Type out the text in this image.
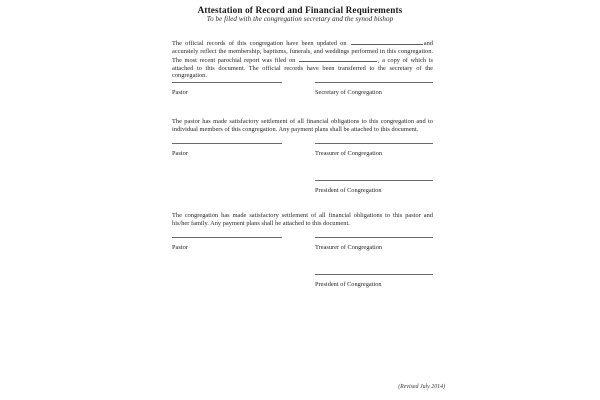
Attestation of Record and Financial Requirements
To be filed with the congregation secretary and the synod bishop

The official records of this congregation have been updated on	and accurately reflect the membership, baptisms, funerals, and weddings performed in this congregation. The most recent parochial report was filed on	, a copy of which is attached to this document. The official records have been transferred to the secretary of the congregation.

Pastor	Secretary of Congregation

The pastor has made satisfactory settlement of all financial obligations to this congregation and to individual members of this congregation. Any payment plans shall be attached to this document.

Pastor	Treasurer of Congregation
President of Congregation

The congregation has made satisfactory settlement of all financial obligations to this pastor and his/her family. Any payment plans shall be attached to this document.

Pastor	Treasurer of Congregation
President of Congregation
(Revised July 2014)
